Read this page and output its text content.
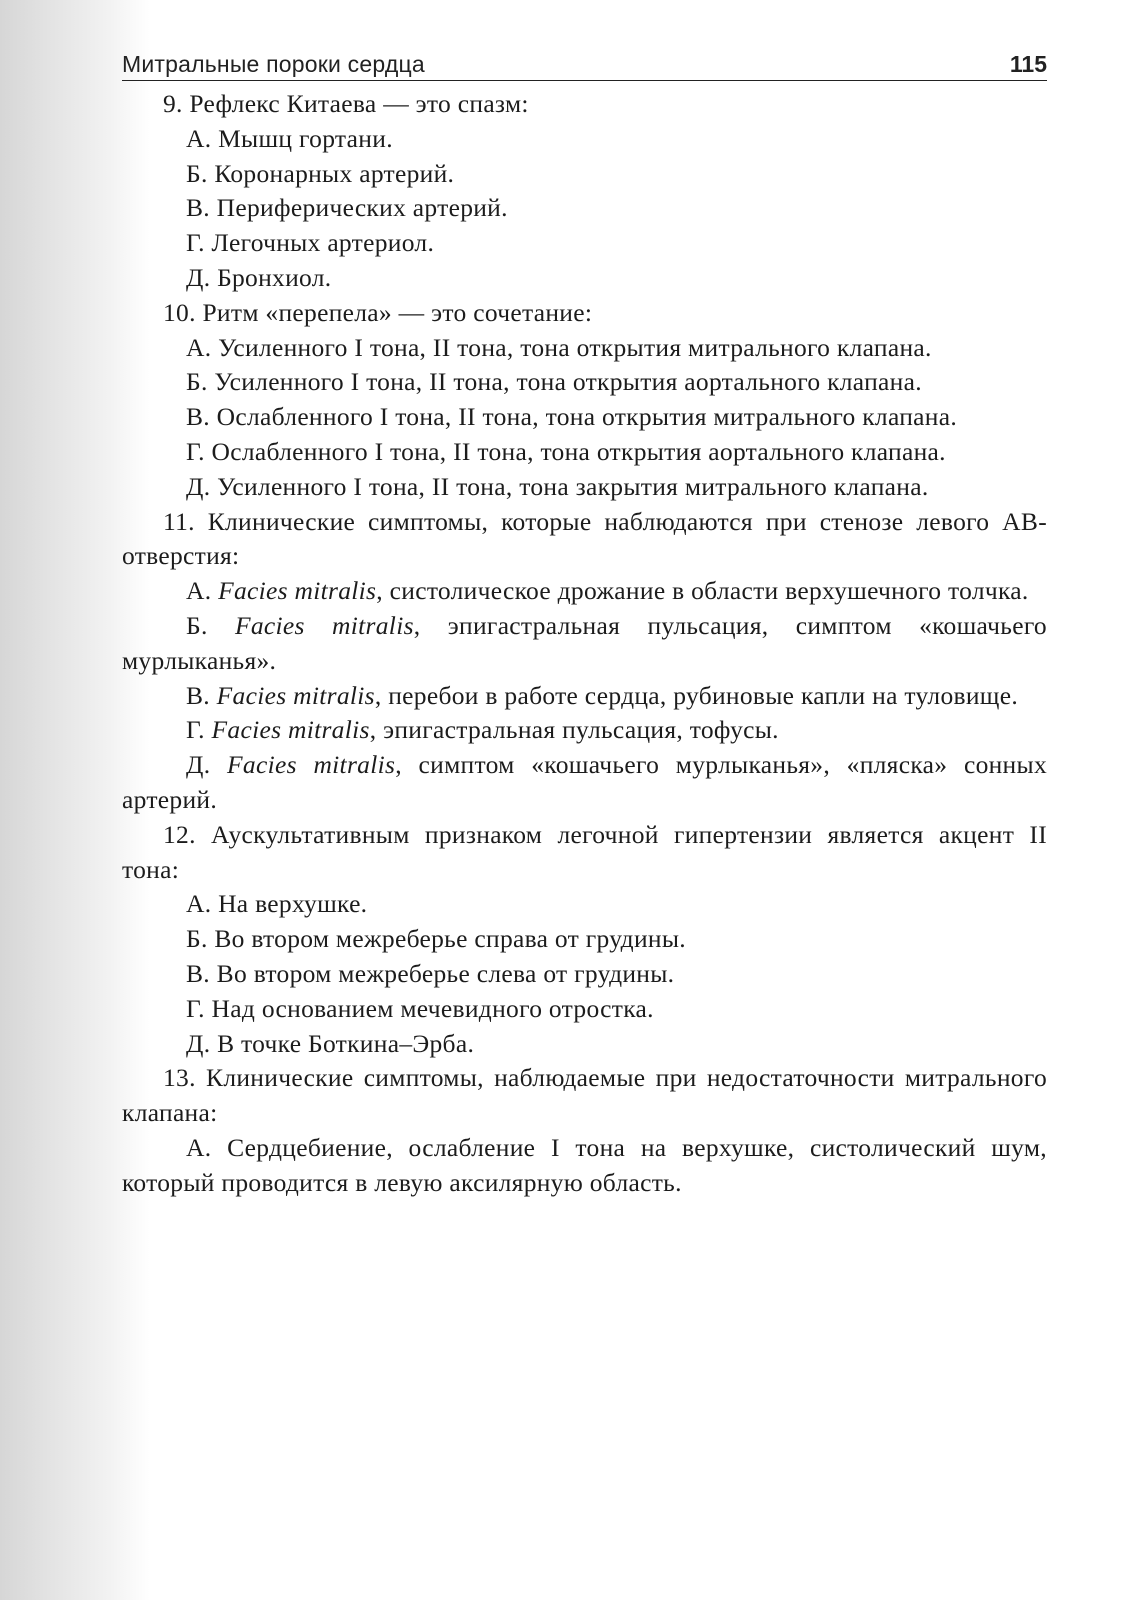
Митральные пороки сердца	115
9. Рефлекс Китаева — это спазм:
А. Мышц гортани.
Б. Коронарных артерий.
В. Периферических артерий.
Г. Легочных артериол.
Д. Бронхиол.
10. Ритм «перепела» — это сочетание:
А. Усиленного I тона, II тона, тона открытия митрального клапана.
Б. Усиленного I тона, II тона, тона открытия аортального клапана.
В. Ослабленного I тона, II тона, тона открытия митрального клапана.
Г. Ослабленного I тона, II тона, тона открытия аортального клапана.
Д. Усиленного I тона, II тона, тона закрытия митрального клапана.
11. Клинические симптомы, которые наблюдаются при стенозе левого АВ-отверстия:
А. Facies mitralis, систолическое дрожание в области верхушечного толчка.
Б. Facies mitralis, эпигастральная пульсация, симптом «кошачьего мурлыканья».
В. Facies mitralis, перебои в работе сердца, рубиновые капли на туловище.
Г. Facies mitralis, эпигастральная пульсация, тофусы.
Д. Facies mitralis, симптом «кошачьего мурлыканья», «пляска» сонных артерий.
12. Аускультативным признаком легочной гипертензии является акцент II тона:
А. На верхушке.
Б. Во втором межреберье справа от грудины.
В. Во втором межреберье слева от грудины.
Г. Над основанием мечевидного отростка.
Д. В точке Боткина–Эрба.
13. Клинические симптомы, наблюдаемые при недостаточности митрального клапана:
А. Сердцебиение, ослабление I тона на верхушке, систолический шум, который проводится в левую аксилярную область.
